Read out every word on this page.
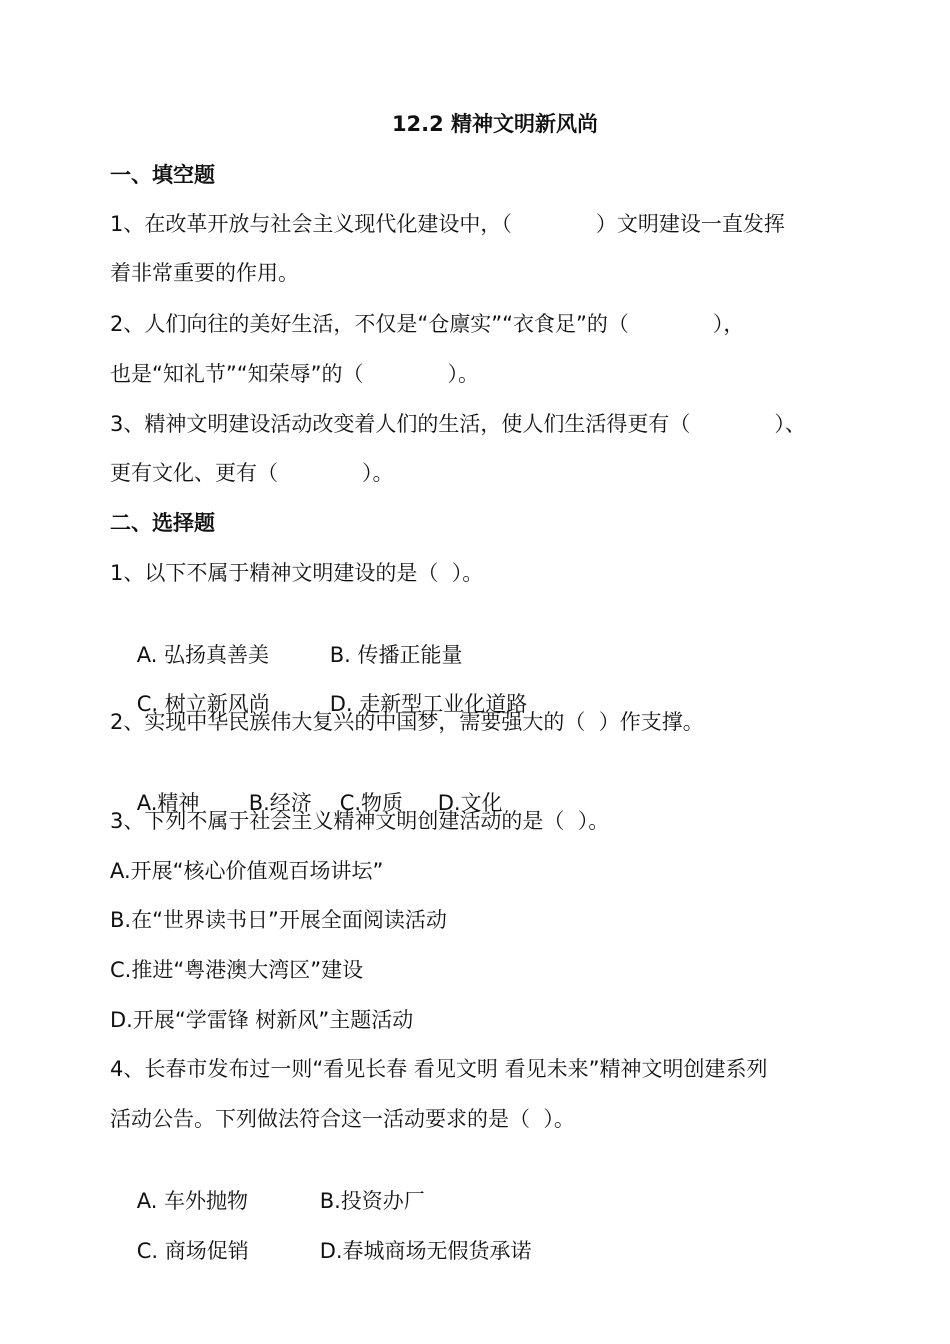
12.2 精神文明新风尚
一、填空题
1、在改革开放与社会主义现代化建设中，（　　　　）文明建设一直发挥
着非常重要的作用。
2、人们向往的美好生活，不仅是“仓廪实”“衣食足”的（　　　　），
也是“知礼节”“知荣辱”的（　　　　）。
3、精神文明建设活动改变着人们的生活，使人们生活得更有（　　　　）、
更有文化、更有（　　　　）。
二、选择题
1、以下不属于精神文明建设的是（  ）。

A. 弘扬真善美	B. 传播正能量

C. 树立新风尚	D. 走新型工业化道路

2、实现中华民族伟大复兴的中国梦，需要强大的（  ）作支撑。

A.精神 B.经济 C.物质 D.文化

3、下列不属于社会主义精神文明创建活动的是（  ）。
A.开展“核心价值观百场讲坛”
B.在“世界读书日”开展全面阅读活动
C.推进“粤港澳大湾区”建设
D.开展“学雷锋 树新风”主题活动
4、长春市发布过一则“看见长春 看见文明 看见未来”精神文明创建系列
活动公告。下列做法符合这一活动要求的是（  ）。

A. 车外抛物	B.投资办厂

C. 商场促销	D.春城商场无假货承诺
